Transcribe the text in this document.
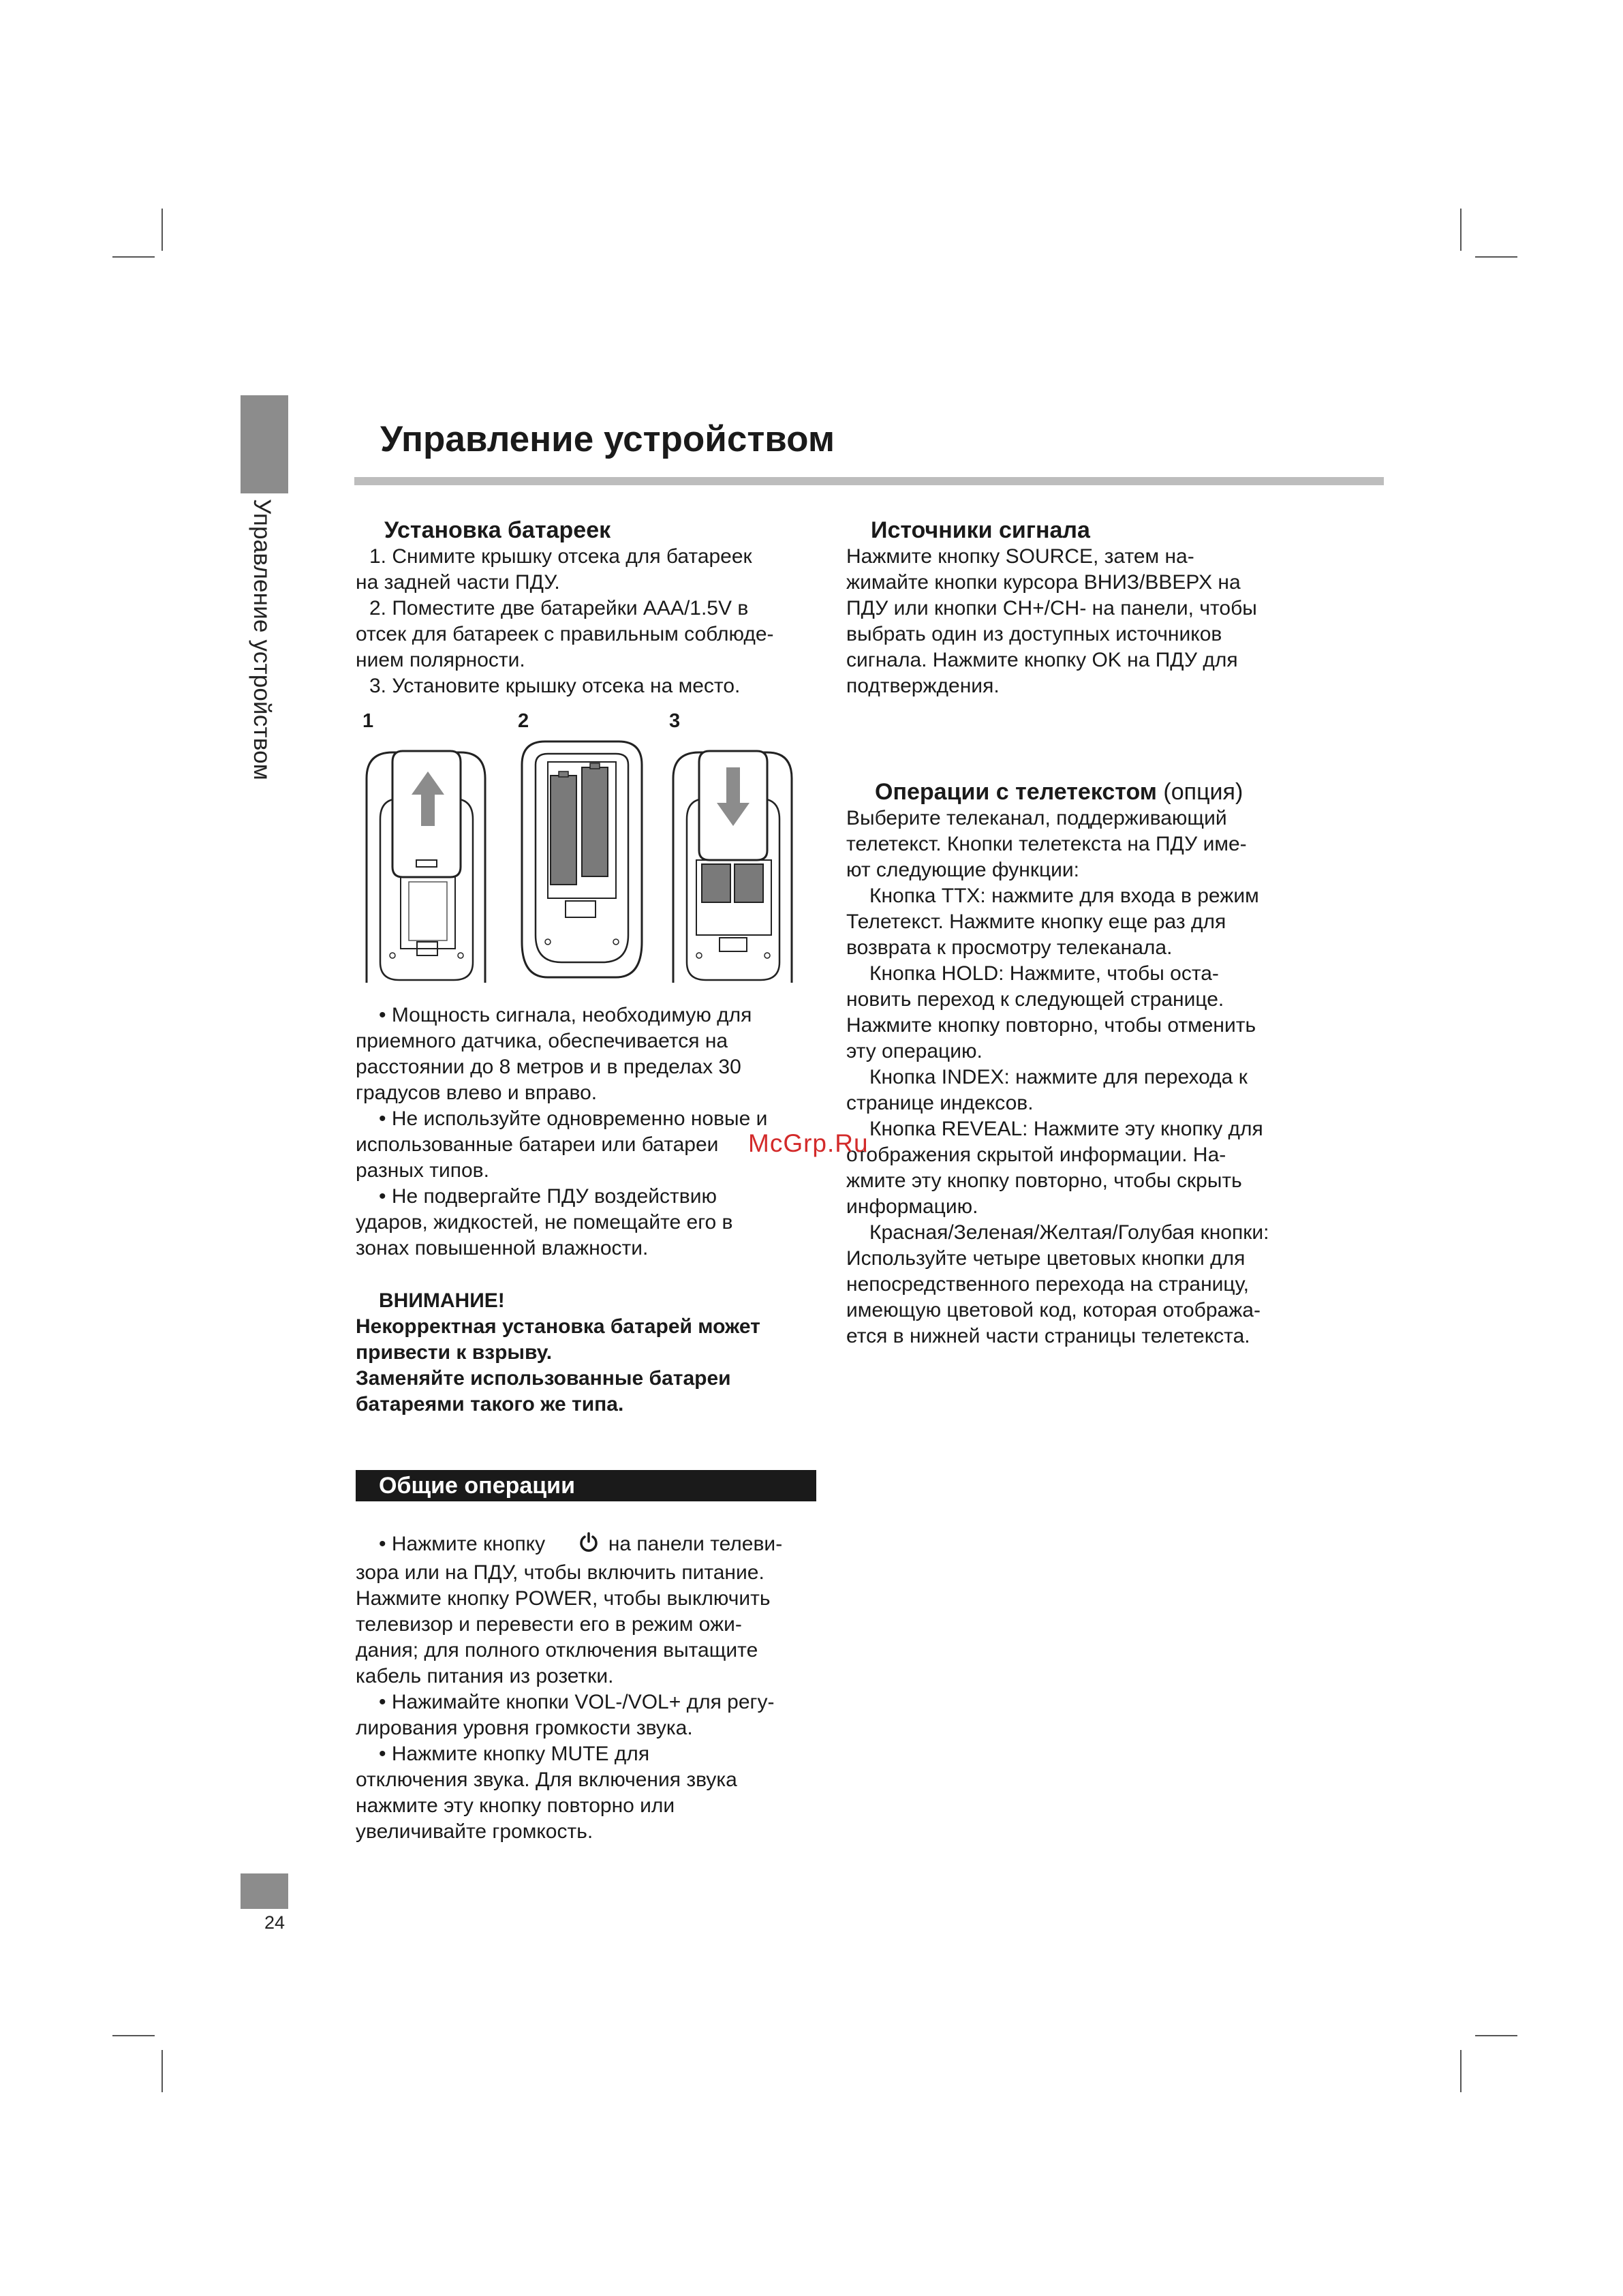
Управление устройством
24
Управление устройством
Установка батареек

1. Снимите крышку отсека для батареек

на задней части ПДУ.

2. Поместите две батарейки AAA/1.5V в

отсек для батареек с правильным соблюде-

нием полярности.

3. Установите крышку отсека на место.

1	2	3

• Мощность сигнала, необходимую для

приемного датчика, обеспечивается на

расстоянии до 8 метров и в пределах 30

градусов влево и вправо.

• Не используйте одновременно новые и

использованные батареи или батареи

разных типов.

• Не подвергайте ПДУ воздействию

ударов, жидкостей, не помещайте его в

зонах повышенной влажности.

ВНИМАНИЕ!

Некорректная установка батарей может

привести к взрыву.

Заменяйте использованные батареи

батареями такого же типа.

Общие операции

• Нажмите кнопку	на панели телеви-

зора или на ПДУ, чтобы включить питание.

Нажмите кнопку POWER, чтобы выключить

телевизор и перевести его в режим ожи-

дания; для полного отключения вытащите

кабель питания из розетки.

• Нажимайте кнопки VOL-/VOL+ для регу-

лирования уровня громкости звука.

• Нажмите кнопку MUTE для

отключения звука. Для включения звука

нажмите эту кнопку повторно или

увеличивайте громкость.

Источники сигнала

Нажмите кнопку SOURCE, затем на-

жимайте кнопки курсора ВНИЗ/ВВЕРХ на

ПДУ или кнопки CH+/CH- на панели, чтобы

выбрать один из доступных источников

сигнала. Нажмите кнопку OK на ПДУ для

подтверждения.

Операции с телетекстом (опция)

Выберите телеканал, поддерживающий

телетекст. Кнопки телетекста на ПДУ име-

ют следующие функции:

Кнопка TTX: нажмите для входа в режим

Телетекст. Нажмите кнопку еще раз для

возврата к просмотру телеканала.

Кнопка HOLD: Нажмите, чтобы оста-

новить переход к следующей странице.

Нажмите кнопку повторно, чтобы отменить

эту операцию.

Кнопка INDEX: нажмите для перехода к

странице индексов.

Кнопка REVEAL: Нажмите эту кнопку для

отображения скрытой информации. На-

жмите эту кнопку повторно, чтобы скрыть

информацию.

Красная/Зеленая/Желтая/Голубая кнопки:

Используйте четыре цветовых кнопки для

непосредственного перехода на страницу,

имеющую цветовой код, которая отобража-

ется в нижней части страницы телетекста.

McGrp.Ru
